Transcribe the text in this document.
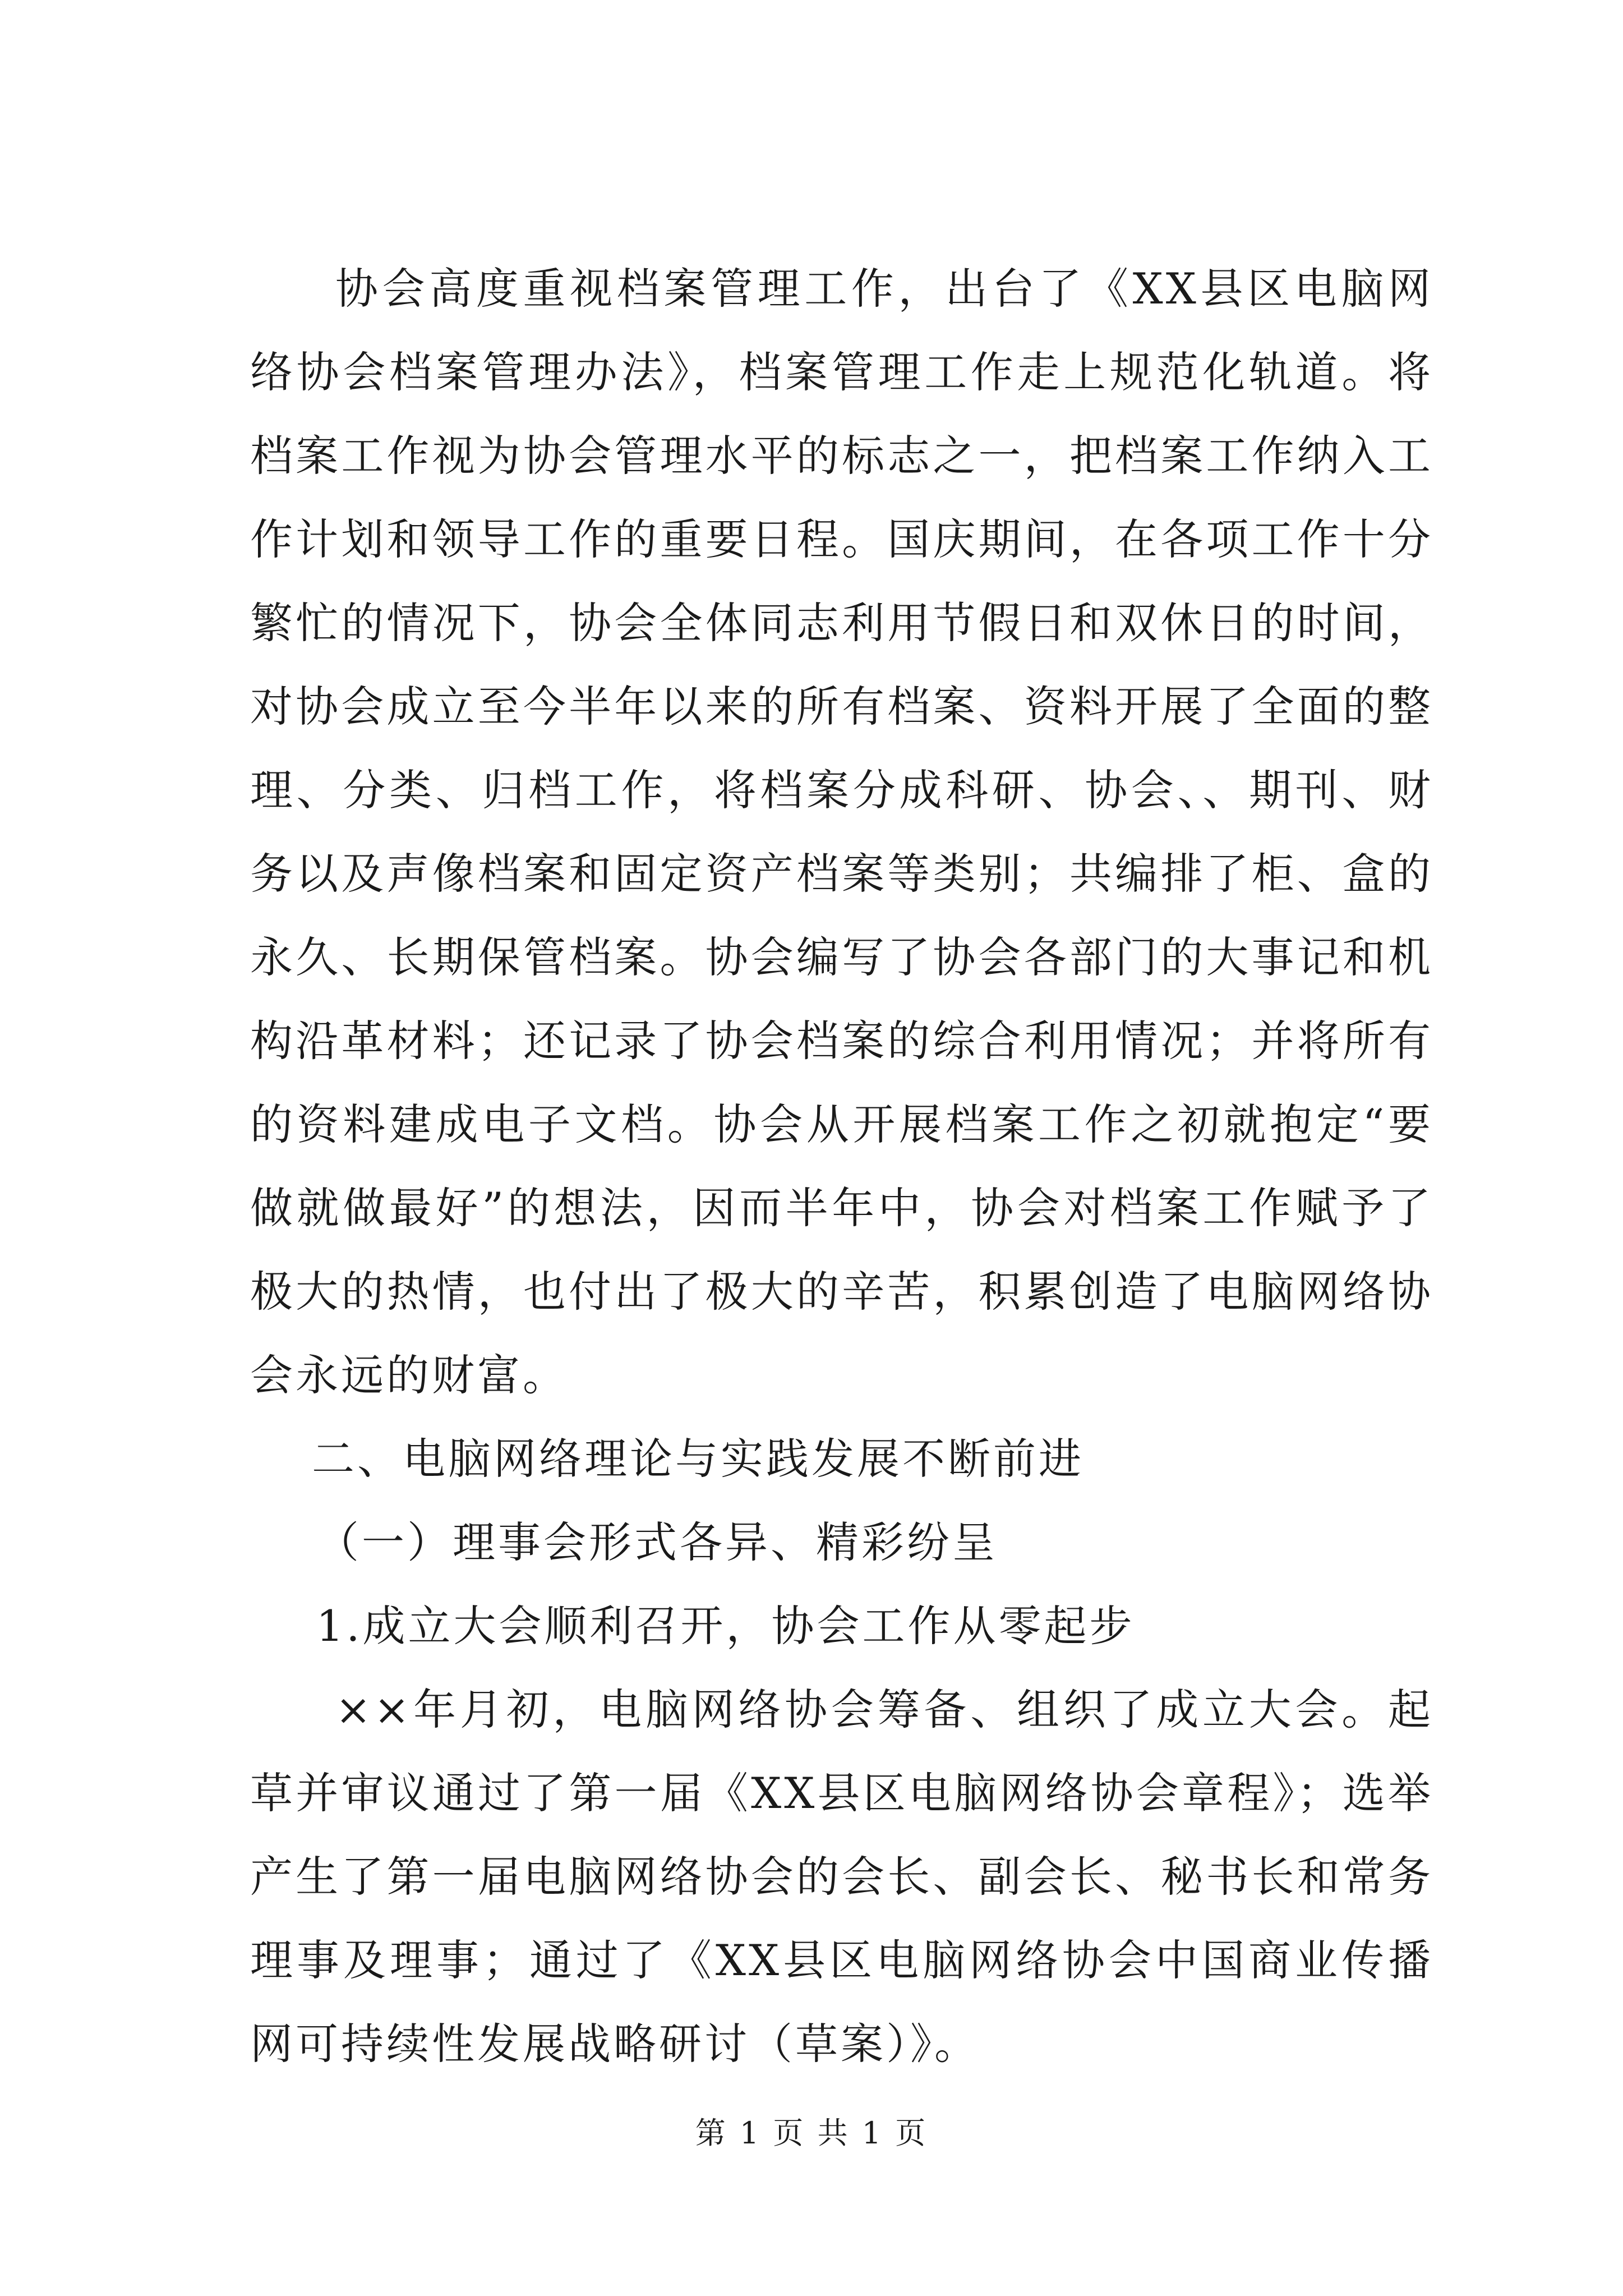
协会高度重视档案管理工作，出台了《XX县区电脑网络协会档案管理办法》，档案管理工作走上规范化轨道。将档案工作视为协会管理水平的标志之一，把档案工作纳入工作计划和领导工作的重要日程。国庆期间，在各项工作十分繁忙的情况下，协会全体同志利用节假日和双休日的时间，对协会成立至今半年以来的所有档案、资料开展了全面的整理、分类、归档工作，将档案分成科研、协会、、期刊、财务以及声像档案和固定资产档案等类别；共编排了柜、盒的永久、长期保管档案。协会编写了协会各部门的大事记和机构沿革材料；还记录了协会档案的综合利用情况；并将所有的资料建成电子文档。协会从开展档案工作之初就抱定“要做就做最好”的想法，因而半年中，协会对档案工作赋予了极大的热情，也付出了极大的辛苦，积累创造了电脑网络协会永远的财富。

二、电脑网络理论与实践发展不断前进

（一）理事会形式各异、精彩纷呈

1.成立大会顺利召开，协会工作从零起步

××年月初，电脑网络协会筹备、组织了成立大会。起草并审议通过了第一届《XX县区电脑网络协会章程》；选举产生了第一届电脑网络协会的会长、副会长、秘书长和常务理事及理事；通过了《XX县区电脑网络协会中国商业传播网可持续性发展战略研讨（草案）》。

第 1 页 共 1 页
